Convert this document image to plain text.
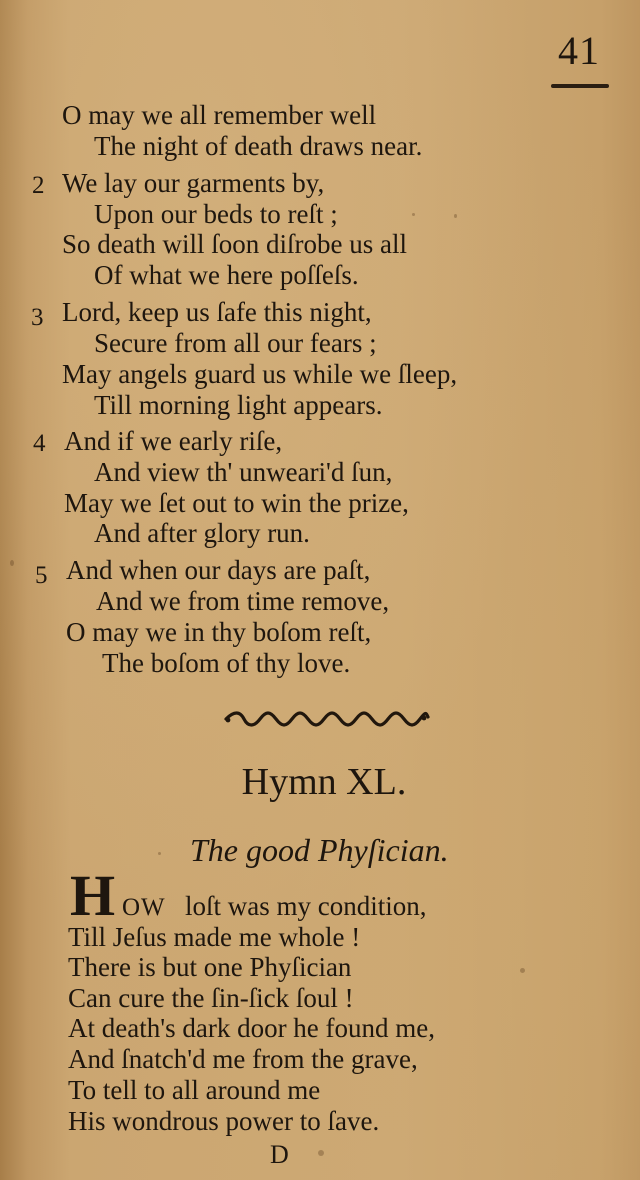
41
O may we all remember well
The night of death draws near.
2 We lay our garments by,
Upon our beds to reſt ;
So death will ſoon diſrobe us all
Of what we here poſſeſs.
3 Lord, keep us ſafe this night,
Secure from all our fears ;
May angels guard us while we ſleep,
Till morning light appears.
4 And if we early riſe,
And view th' unweari'd ſun,
May we ſet out to win the prize,
And after glory run.
5 And when our days are paſt,
And we from time remove,
O may we in thy boſom reſt,
The boſom of thy love.
Hymn XL.
The good Phyſician.
H OW loſt was my condition,
Till Jeſus made me whole !
There is but one Phyſician
Can cure the ſin-ſick ſoul !
At death's dark door he found me,
And ſnatch'd me from the grave,
To tell to all around me
His wondrous power to ſave.
D
